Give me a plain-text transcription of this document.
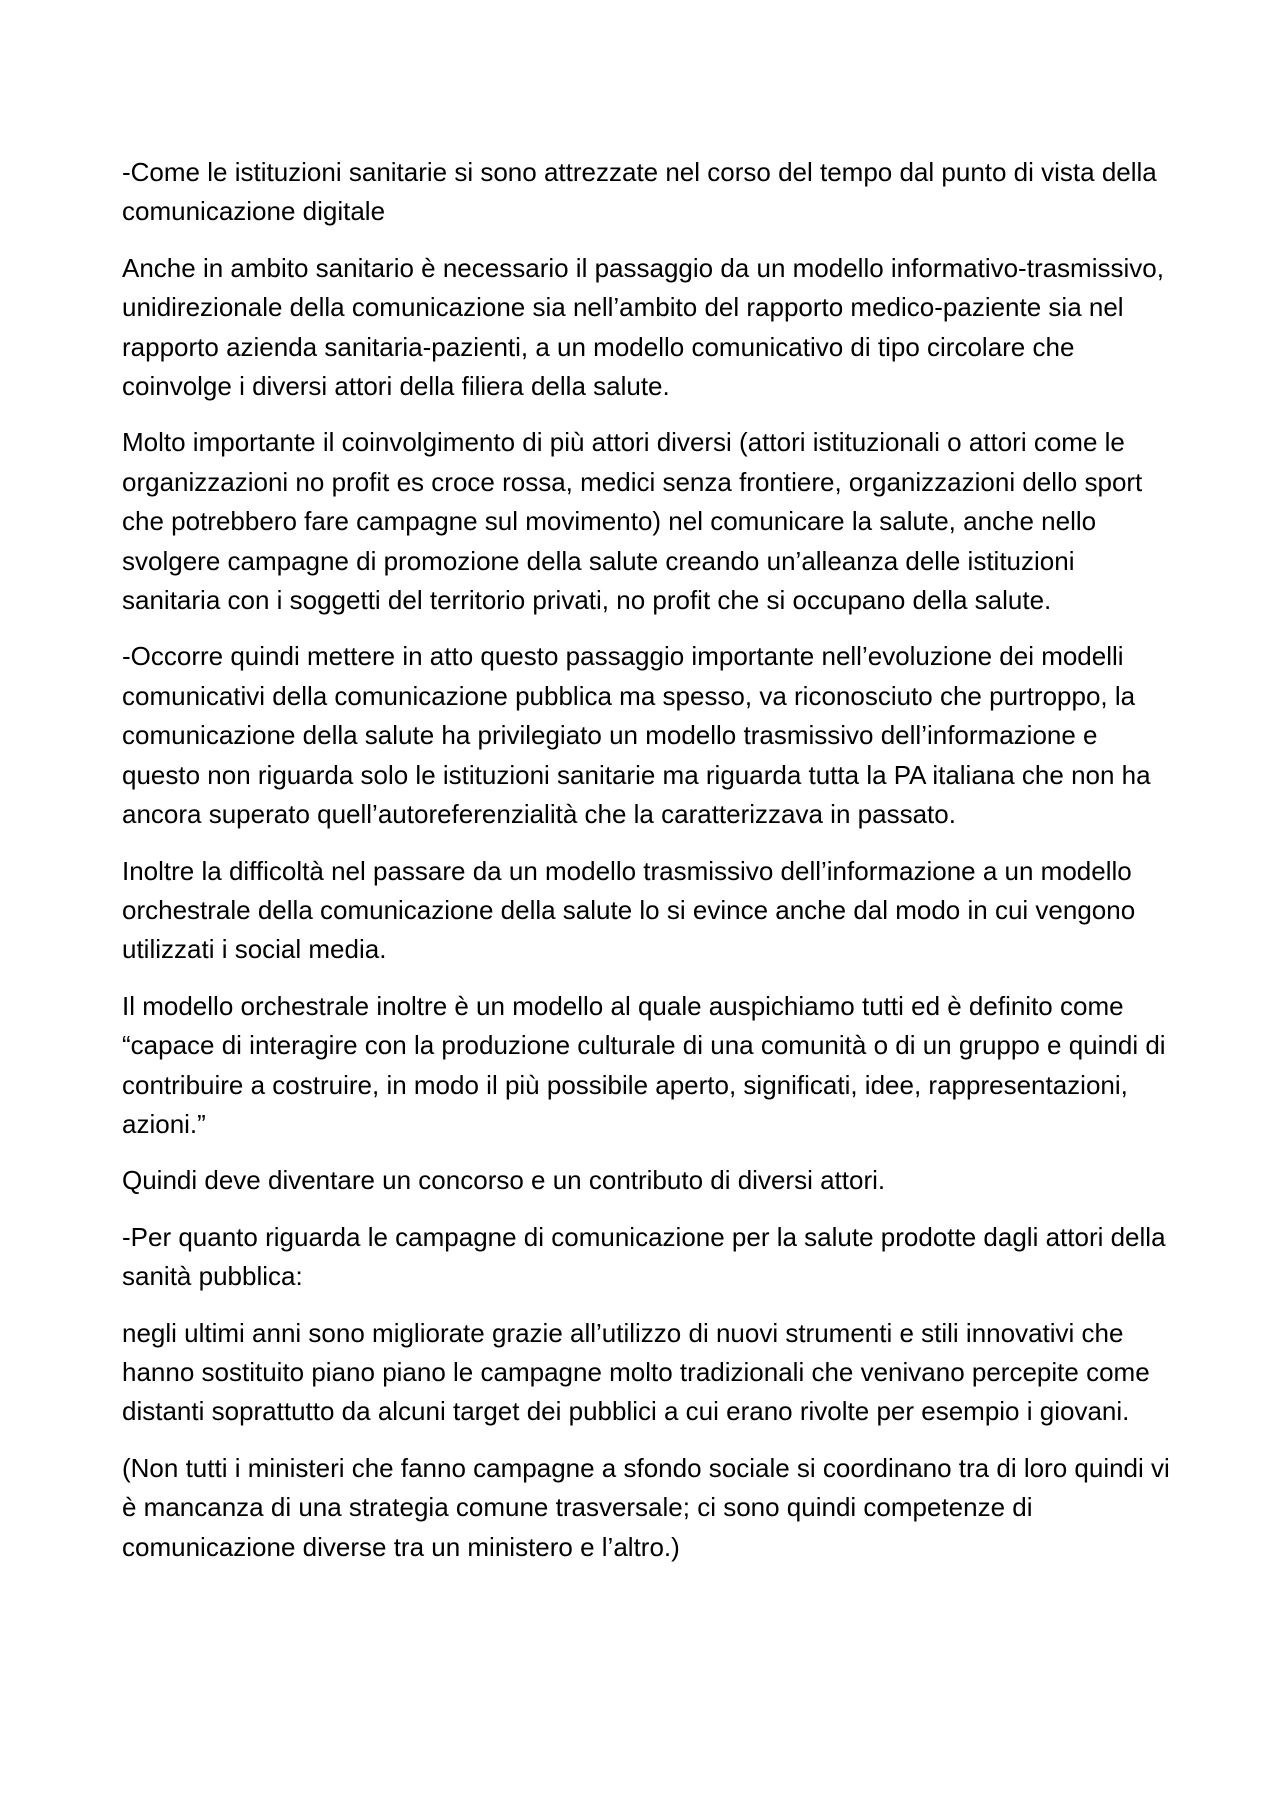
-Come le istituzioni sanitarie si sono attrezzate nel corso del tempo dal punto di vista della comunicazione digitale

Anche in ambito sanitario è necessario il passaggio da un modello informativo-trasmissivo, unidirezionale della comunicazione sia nell’ambito del rapporto medico-paziente sia nel rapporto azienda sanitaria-pazienti, a un modello comunicativo di tipo circolare che coinvolge i diversi attori della filiera della salute.

Molto importante il coinvolgimento di più attori diversi (attori istituzionali o attori come le organizzazioni no profit es croce rossa, medici senza frontiere, organizzazioni dello sport che potrebbero fare campagne sul movimento) nel comunicare la salute, anche nello svolgere campagne di promozione della salute creando un’alleanza delle istituzioni sanitaria con i soggetti del territorio privati, no profit che si occupano della salute.

-Occorre quindi mettere in atto questo passaggio importante nell’evoluzione dei modelli comunicativi della comunicazione pubblica ma spesso, va riconosciuto che purtroppo, la comunicazione della salute ha privilegiato un modello trasmissivo dell’informazione e questo non riguarda solo le istituzioni sanitarie ma riguarda tutta la PA italiana che non ha ancora superato quell’autoreferenzialità che la caratterizzava in passato.

Inoltre la difficoltà nel passare da un modello trasmissivo dell’informazione a un modello orchestrale della comunicazione della salute lo si evince anche dal modo in cui vengono utilizzati i social media.

Il modello orchestrale inoltre è un modello al quale auspichiamo tutti ed è definito come “capace di interagire con la produzione culturale di una comunità o di un gruppo e quindi di contribuire a costruire, in modo il più possibile aperto, significati, idee, rappresentazioni, azioni.”

Quindi deve diventare un concorso e un contributo di diversi attori.

-Per quanto riguarda le campagne di comunicazione per la salute prodotte dagli attori della sanità pubblica:

negli ultimi anni sono migliorate grazie all’utilizzo di nuovi strumenti e stili innovativi che hanno sostituito piano piano le campagne molto tradizionali che venivano percepite come distanti soprattutto da alcuni target dei pubblici a cui erano rivolte per esempio i giovani.

(Non tutti i ministeri che fanno campagne a sfondo sociale si coordinano tra di loro quindi vi è mancanza di una strategia comune trasversale; ci sono quindi competenze di comunicazione diverse tra un ministero e l’altro.)
